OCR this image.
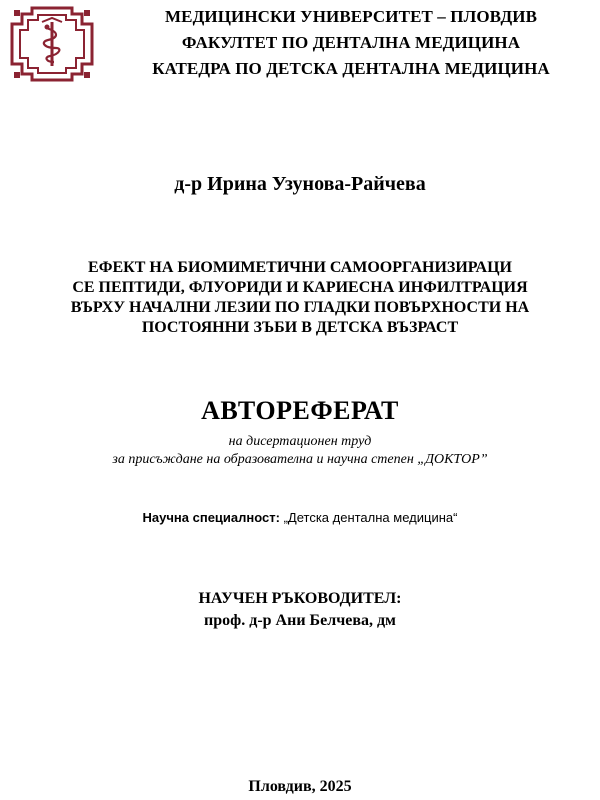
МЕДИЦИНСКИ УНИВЕРСИТЕТ – ПЛОВДИВ
ФАКУЛТЕТ ПО ДЕНТАЛНА МЕДИЦИНА
КАТЕДРА ПО ДЕТСКА ДЕНТАЛНА МЕДИЦИНА
д-р Ирина Узунова-Райчева
ЕФЕКТ НА БИОМИМЕТИЧНИ САМООРГАНИЗИРАЦИ
СЕ ПЕПТИДИ, ФЛУОРИДИ И КАРИЕСНА ИНФИЛТРАЦИЯ
ВЪРХУ НАЧАЛНИ ЛЕЗИИ ПО ГЛАДКИ ПОВЪРХНОСТИ НА
ПОСТОЯННИ ЗЪБИ В ДЕТСКА ВЪЗРАСТ
АВТОРЕФЕРАТ
на дисертационен труд
за присъждане на образователна и научна степен „ДОКТОР”
Научна специалност: „Детска дентална медицина“
НАУЧЕН РЪКОВОДИТЕЛ:
проф. д-р Ани Белчева, дм
Пловдив, 2025
